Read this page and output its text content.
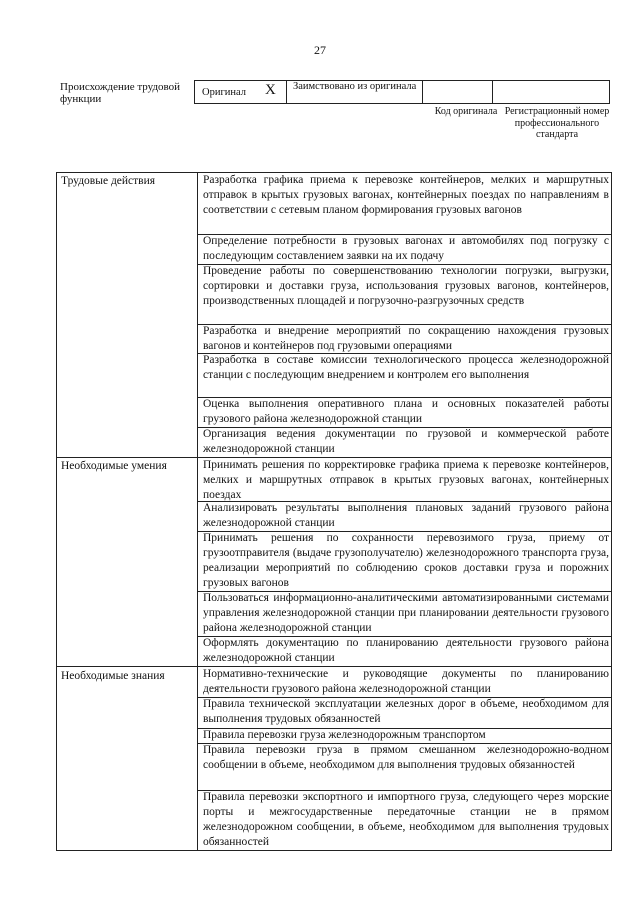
27
Происхождение трудовой функции
Оригинал X Заимствовано из оригинала
Код оригинала Регистрационный номер профессионального стандарта
Трудовые действия	Разработка графика приема к перевозке контейнеров, мелких и маршрутных отправок в крытых грузовых вагонах, контейнерных поездах по направлениям в соответствии с сетевым планом формирования грузовых вагонов
Определение потребности в грузовых вагонах и автомобилях под погрузку с последующим составлением заявки на их подачу
Проведение работы по совершенствованию технологии погрузки, выгрузки, сортировки и доставки груза, использования грузовых вагонов, контейнеров, производственных площадей и погрузочно-разгрузочных средств
Разработка и внедрение мероприятий по сокращению нахождения грузовых вагонов и контейнеров под грузовыми операциями
Разработка в составе комиссии технологического процесса железнодорожной станции с последующим внедрением и контролем его выполнения
Оценка выполнения оперативного плана и основных показателей работы грузового района железнодорожной станции
Организация ведения документации по грузовой и коммерческой работе железнодорожной станции
Необходимые умения	Принимать решения по корректировке графика приема к перевозке контейнеров, мелких и маршрутных отправок в крытых грузовых вагонах, контейнерных поездах
Анализировать результаты выполнения плановых заданий грузового района железнодорожной станции
Принимать решения по сохранности перевозимого груза, приему от грузоотправителя (выдаче грузополучателю) железнодорожного транспорта груза, реализации мероприятий по соблюдению сроков доставки груза и порожних грузовых вагонов
Пользоваться информационно-аналитическими автоматизированными системами управления железнодорожной станции при планировании деятельности грузового района железнодорожной станции
Оформлять документацию по планированию деятельности грузового района железнодорожной станции
Необходимые знания	Нормативно-технические и руководящие документы по планированию деятельности грузового района железнодорожной станции
Правила технической эксплуатации железных дорог в объеме, необходимом для выполнения трудовых обязанностей
Правила перевозки груза железнодорожным транспортом
Правила перевозки груза в прямом смешанном железнодорожно-водном сообщении в объеме, необходимом для выполнения трудовых обязанностей
Правила перевозки экспортного и импортного груза, следующего через морские порты и межгосударственные передаточные станции не в прямом железнодорожном сообщении, в объеме, необходимом для выполнения трудовых обязанностей
